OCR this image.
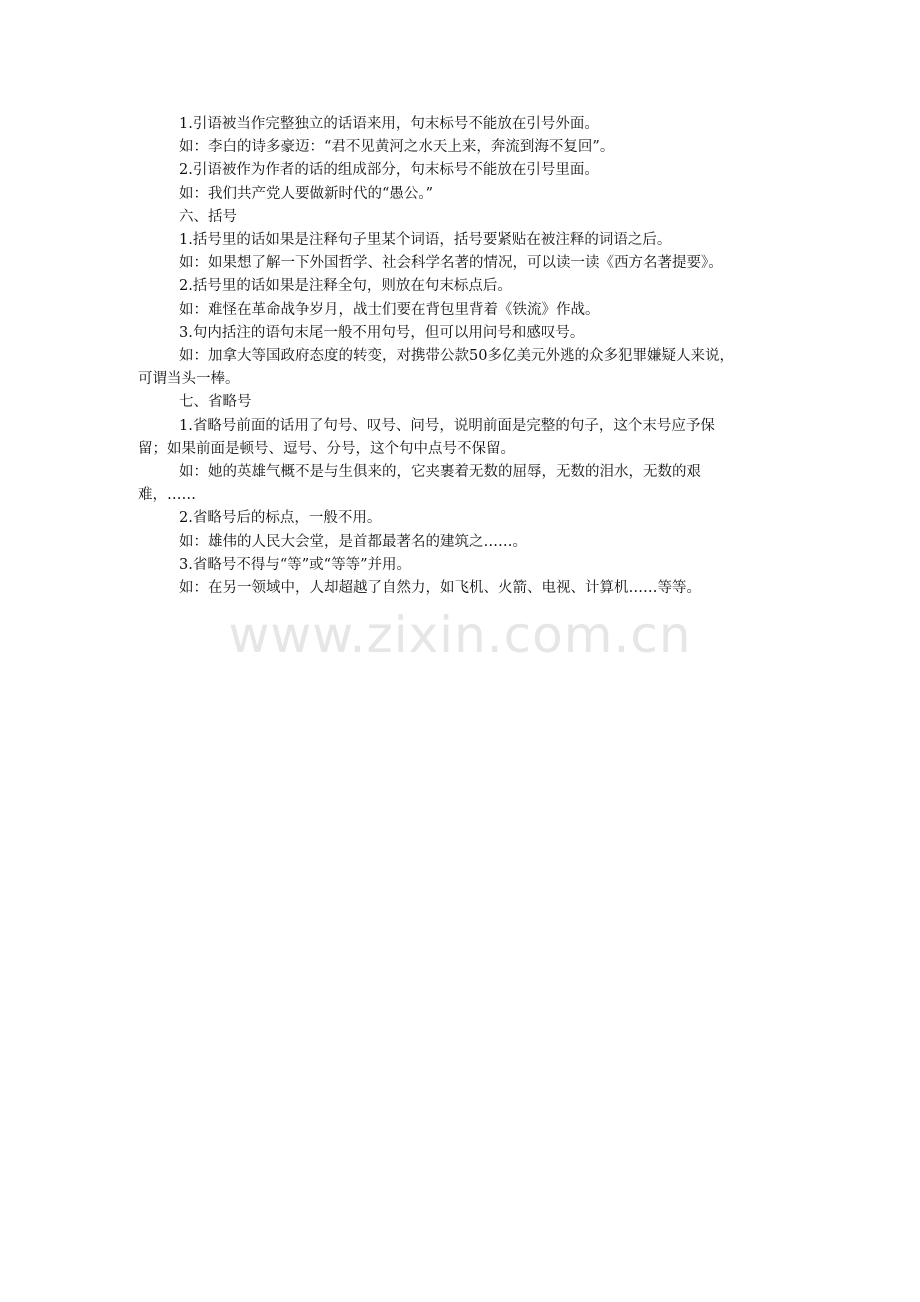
1.引语被当作完整独立的话语来用，句末标号不能放在引号外面。

如：李白的诗多豪迈：“君不见黄河之水天上来，奔流到海不复回”。

2.引语被作为作者的话的组成部分，句末标号不能放在引号里面。

如：我们共产党人要做新时代的“愚公。”

六、括号

1.括号里的话如果是注释句子里某个词语，括号要紧贴在被注释的词语之后。

如：如果想了解一下外国哲学、社会科学名著的情况，可以读一读《西方名著提要》。

2.括号里的话如果是注释全句，则放在句末标点后。

如：难怪在革命战争岁月，战士们要在背包里背着《铁流》作战。

3.句内括注的语句末尾一般不用句号，但可以用问号和感叹号。

如：加拿大等国政府态度的转变，对携带公款50多亿美元外逃的众多犯罪嫌疑人来说，

可谓当头一棒。

七、省略号

1.省略号前面的话用了句号、叹号、问号，说明前面是完整的句子，这个末号应予保

留；如果前面是顿号、逗号、分号，这个句中点号不保留。

如：她的英雄气概不是与生俱来的，它夹裹着无数的屈辱，无数的泪水，无数的艰

难，……

2.省略号后的标点，一般不用。

如：雄伟的人民大会堂，是首都最著名的建筑之……。

3.省略号不得与“等”或“等等”并用。

如：在另一领域中，人却超越了自然力，如飞机、火箭、电视、计算机……等等。

www.zixin.com.cn
